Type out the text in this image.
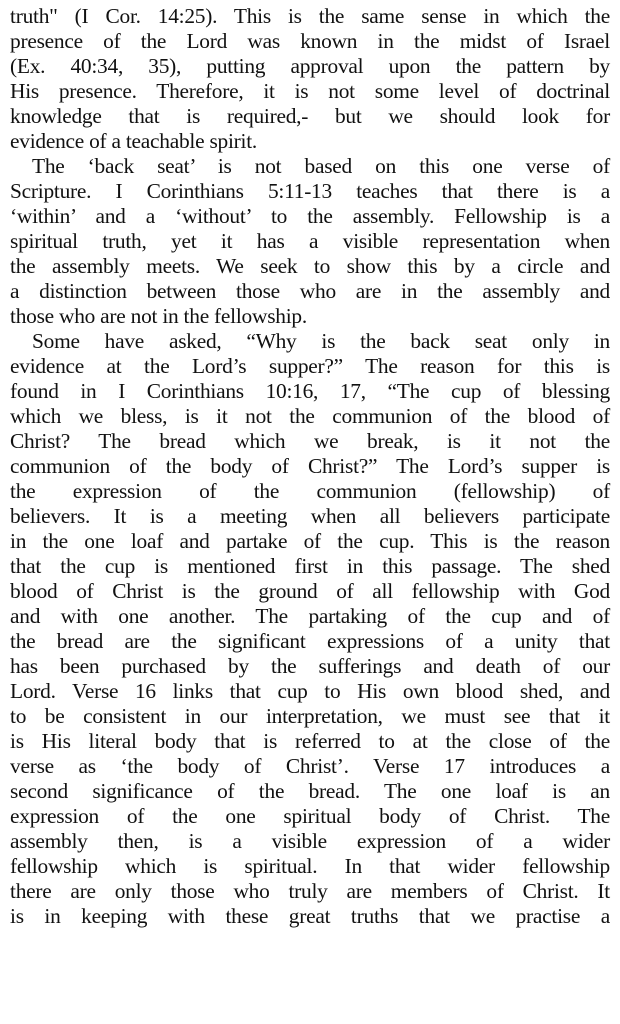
truth" (I Cor. 14:25). This is the same sense in which the
presence of the Lord was known in the midst of Israel
(Ex. 40:34, 35), putting approval upon the pattern by
His presence. Therefore, it is not some level of doctrinal
knowledge that is required,- but we should look for
evidence of a teachable spirit.
The ‘back seat’ is not based on this one verse of
Scripture. I Corinthians 5:11-13 teaches that there is a
‘within’ and a ‘without’ to the assembly. Fellowship is a
spiritual truth, yet it has a visible representation when
the assembly meets. We seek to show this by a circle and
a distinction between those who are in the assembly and
those who are not in the fellowship.
Some have asked, “Why is the back seat only in
evidence at the Lord’s supper?” The reason for this is
found in I Corinthians 10:16, 17, “The cup of blessing
which we bless, is it not the communion of the blood of
Christ? The bread which we break, is it not the
communion of the body of Christ?” The Lord’s supper is
the expression of the communion (fellowship) of
believers. It is a meeting when all believers participate
in the one loaf and partake of the cup. This is the reason
that the cup is mentioned first in this passage. The shed
blood of Christ is the ground of all fellowship with God
and with one another. The partaking of the cup and of
the bread are the significant expressions of a unity that
has been purchased by the sufferings and death of our
Lord. Verse 16 links that cup to His own blood shed, and
to be consistent in our interpretation, we must see that it
is His literal body that is referred to at the close of the
verse as ‘the body of Christ’. Verse 17 introduces a
second significance of the bread. The one loaf is an
expression of the one spiritual body of Christ. The
assembly then, is a visible expression of a wider
fellowship which is spiritual. In that wider fellowship
there are only those who truly are members of Christ. It
is in keeping with these great truths that we practise a
